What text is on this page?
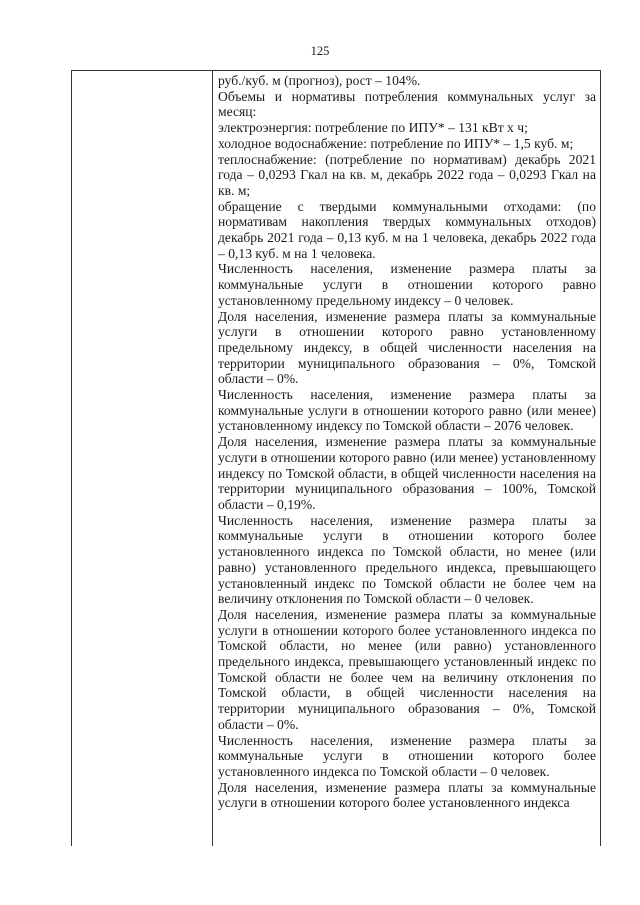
125

руб./куб. м (прогноз), рост – 104%.

Объемы и нормативы потребления коммунальных услуг за месяц:

электроэнергия: потребление по ИПУ* – 131 кВт х ч;

холодное водоснабжение: потребление по ИПУ* – 1,5 куб. м;

теплоснабжение: (потребление по нормативам) декабрь 2021 года – 0,0293 Гкал на кв. м, декабрь 2022 года – 0,0293 Гкал на кв. м;

обращение с твердыми коммунальными отходами: (по нормативам накопления твердых коммунальных отходов) декабрь 2021 года – 0,13 куб. м на 1 человека, декабрь 2022 года – 0,13 куб. м на 1 человека.

Численность населения, изменение размера платы за коммунальные услуги в отношении которого равно установленному предельному индексу – 0 человек.

Доля населения, изменение размера платы за коммунальные услуги в отношении которого равно установленному предельному индексу, в общей численности населения на территории муниципального образования – 0%, Томской области – 0%.

Численность населения, изменение размера платы за коммунальные услуги в отношении которого равно (или менее) установленному индексу по Томской области – 2076 человек.

Доля населения, изменение размера платы за коммунальные услуги в отношении которого равно (или менее) установленному индексу по Томской области, в общей численности населения на территории муниципального образования – 100%, Томской области – 0,19%.

Численность населения, изменение размера платы за коммунальные услуги в отношении которого более установленного индекса по Томской области, но менее (или равно) установленного предельного индекса, превышающего установленный индекс по Томской области не более чем на величину отклонения по Томской области – 0 человек.

Доля населения, изменение размера платы за коммунальные услуги в отношении которого более установленного индекса по Томской области, но менее (или равно) установленного предельного индекса, превышающего установленный индекс по Томской области не более чем на величину отклонения по Томской области, в общей численности населения на территории муниципального образования – 0%, Томской области – 0%.

Численность населения, изменение размера платы за коммунальные услуги в отношении которого более установленного индекса по Томской области – 0 человек.

Доля населения, изменение размера платы за коммунальные услуги в отношении которого более установленного индекса
